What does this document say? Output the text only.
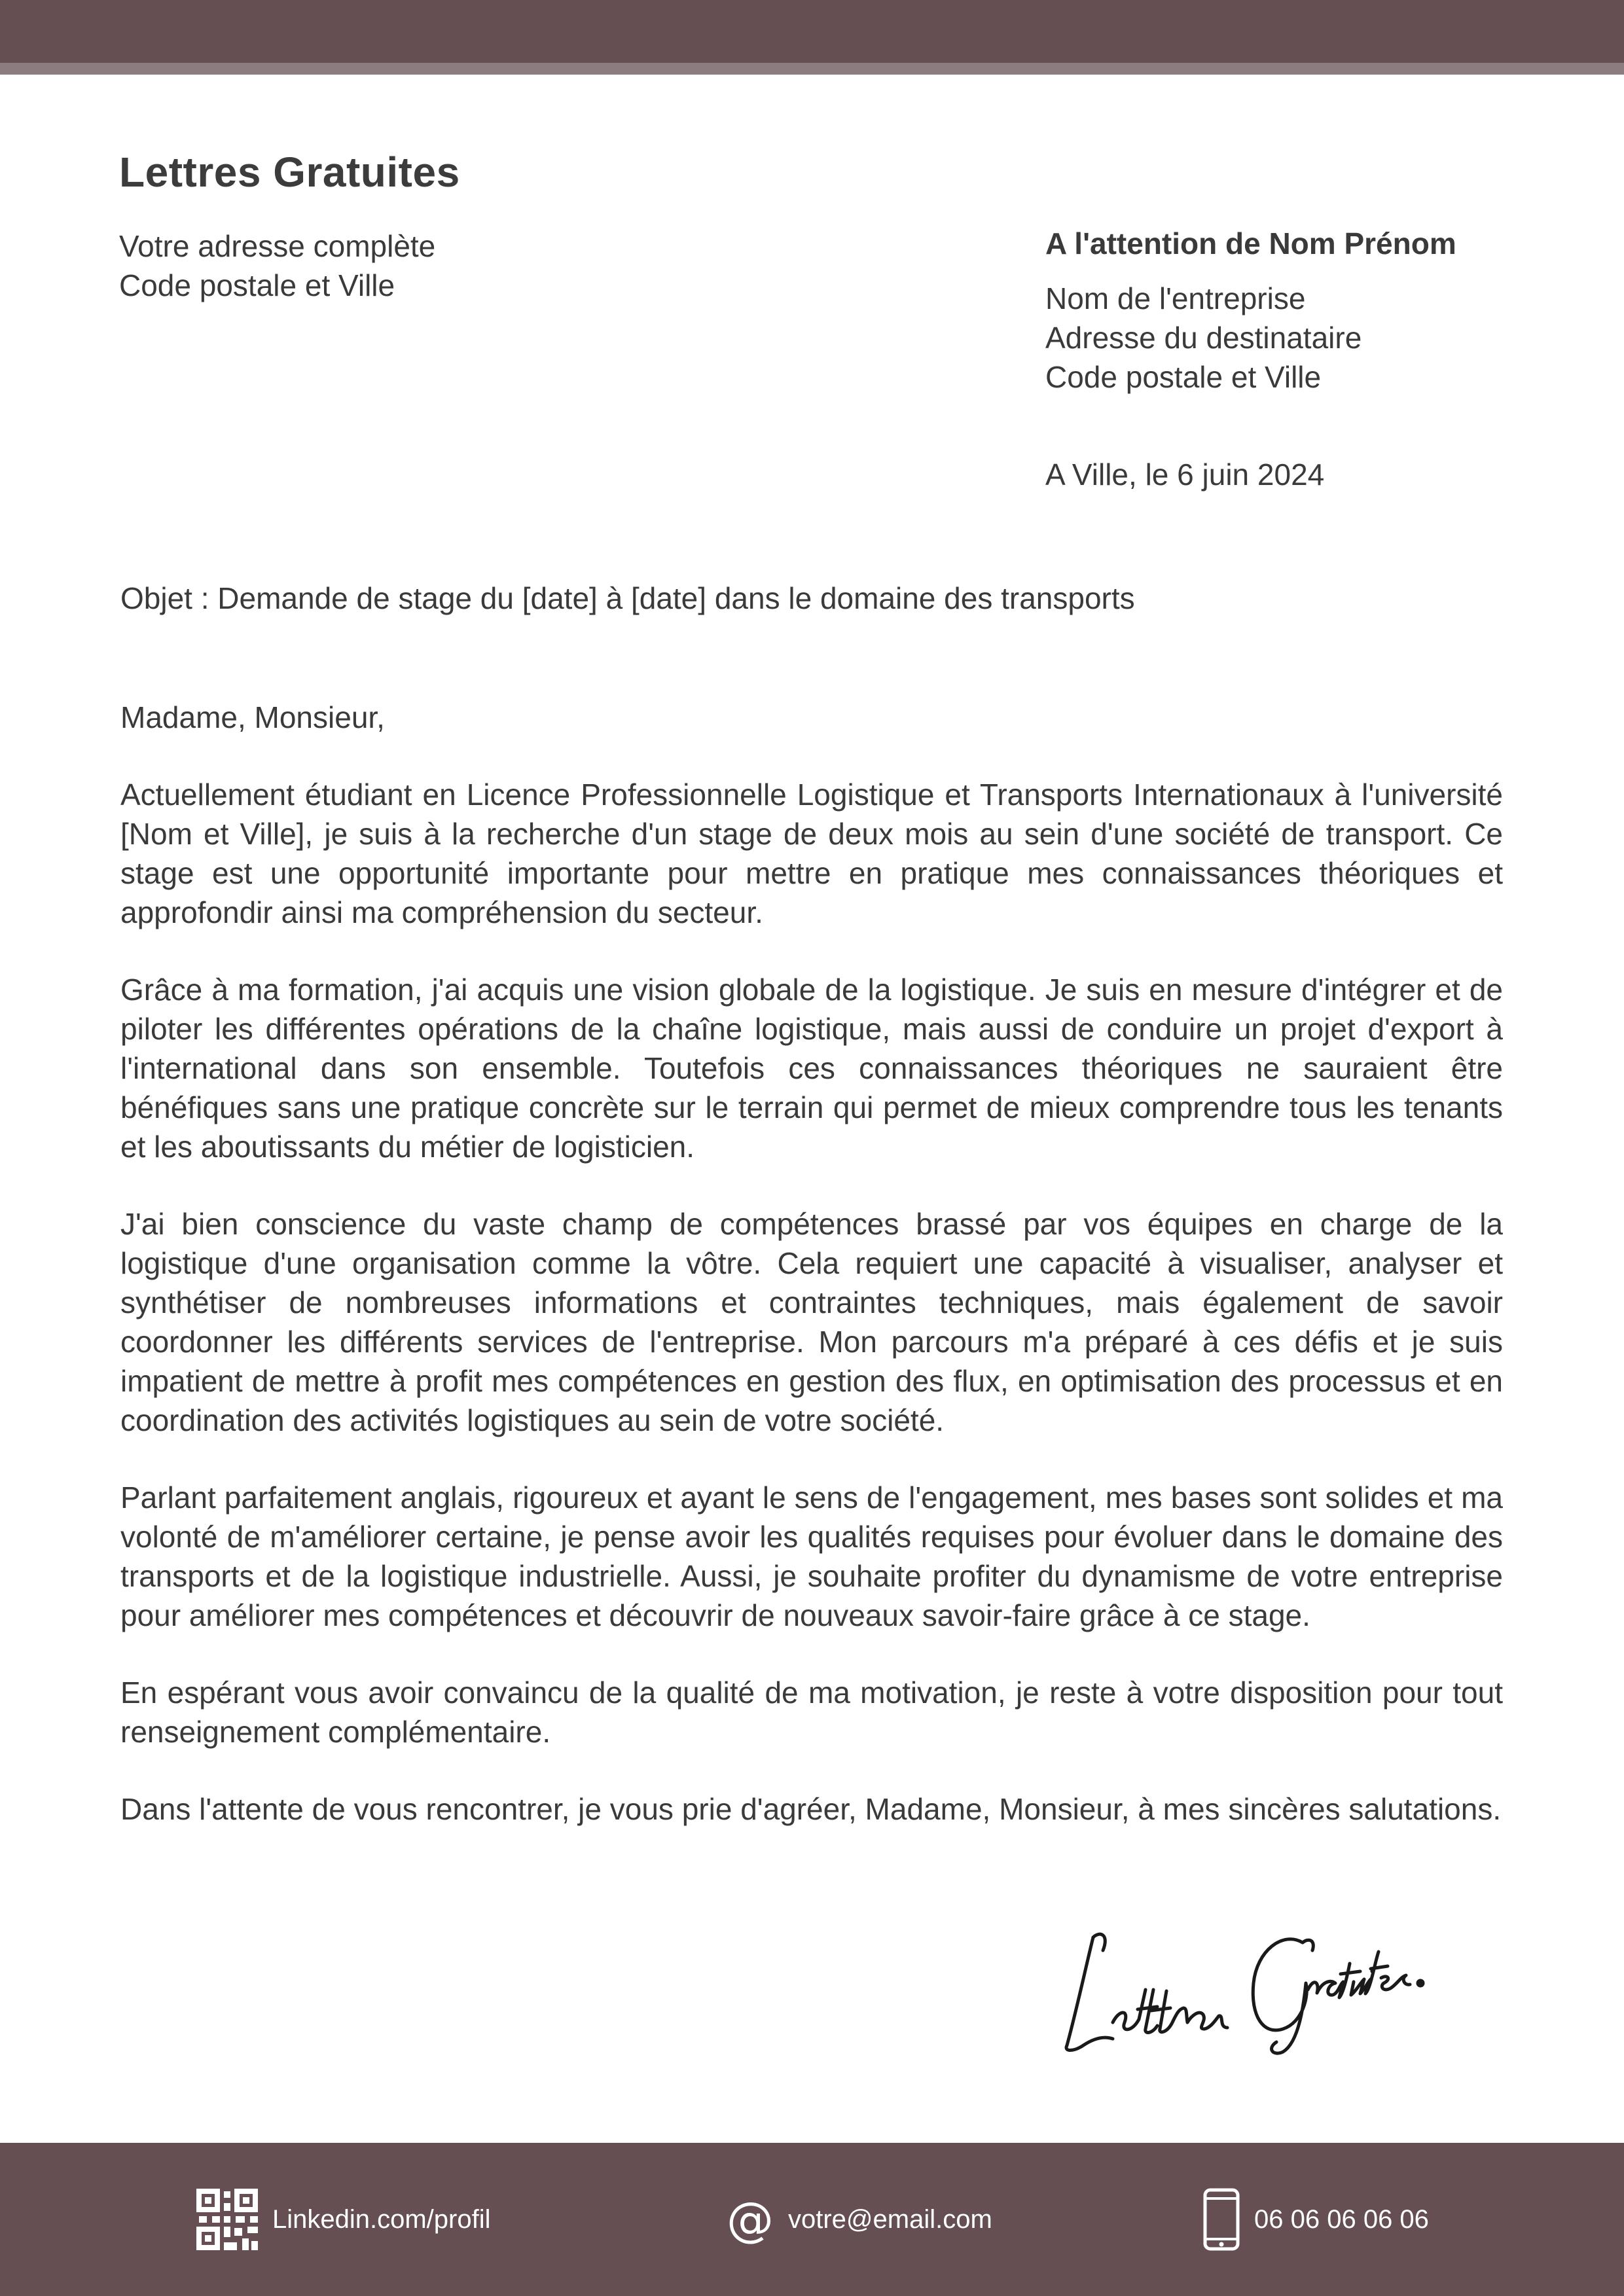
Lettres Gratuites
Votre adresse complète
Code postale et Ville
A l'attention de Nom Prénom
Nom de l'entreprise
Adresse du destinataire
Code postale et Ville
A Ville, le 6 juin 2024
Objet : Demande de stage du [date] à [date] dans le domaine des transports

Madame, Monsieur,

Actuellement étudiant en Licence Professionnelle Logistique et Transports Internationaux à l'université [Nom et Ville], je suis à la recherche d'un stage de deux mois au sein d'une société de transport. Ce stage est une opportunité importante pour mettre en pratique mes connaissances théoriques et approfondir ainsi ma compréhension du secteur.

Grâce à ma formation, j'ai acquis une vision globale de la logistique. Je suis en mesure d'intégrer et de piloter les différentes opérations de la chaîne logistique, mais aussi de conduire un projet d'export à l'international dans son ensemble. Toutefois ces connaissances théoriques ne sauraient être bénéfiques sans une pratique concrète sur le terrain qui permet de mieux comprendre tous les tenants et les aboutissants du métier de logisticien.

J'ai bien conscience du vaste champ de compétences brassé par vos équipes en charge de la logistique d'une organisation comme la vôtre. Cela requiert une capacité à visualiser, analyser et synthétiser de nombreuses informations et contraintes techniques, mais également de savoir coordonner les différents services de l'entreprise. Mon parcours m'a préparé à ces défis et je suis impatient de mettre à profit mes compétences en gestion des flux, en optimisation des processus et en coordination des activités logistiques au sein de votre société.

Parlant parfaitement anglais, rigoureux et ayant le sens de l'engagement, mes bases sont solides et ma volonté de m'améliorer certaine, je pense avoir les qualités requises pour évoluer dans le domaine des transports et de la logistique industrielle. Aussi, je souhaite profiter du dynamisme de votre entreprise pour améliorer mes compétences et découvrir de nouveaux savoir-faire grâce à ce stage.

En espérant vous avoir convaincu de la qualité de ma motivation, je reste à votre disposition pour tout renseignement complémentaire.

Dans l'attente de vous rencontrer, je vous prie d'agréer, Madame, Monsieur, à mes sincères salutations.

Linkedin.com/profil	@ votre@email.com	06 06 06 06 06
